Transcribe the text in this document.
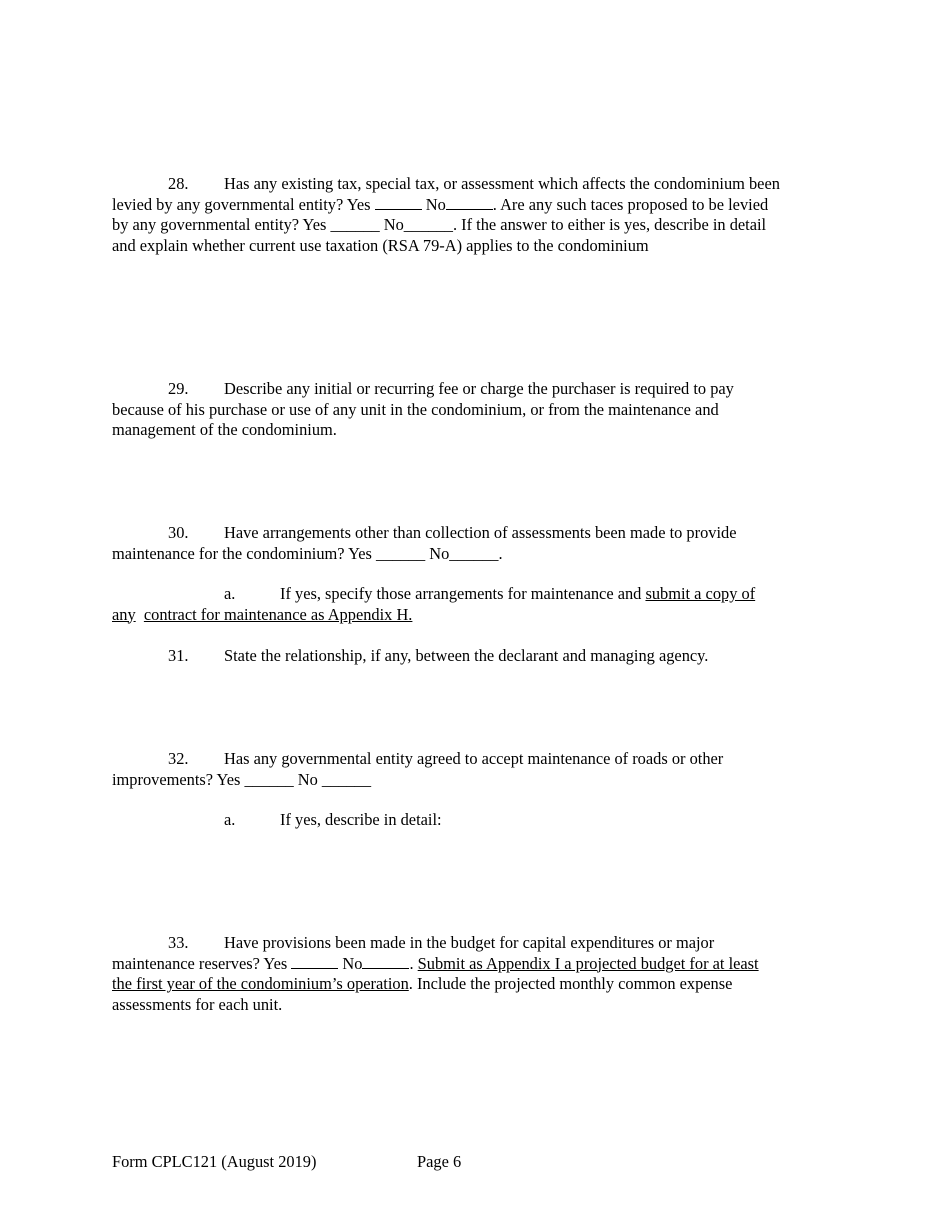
28. Has any existing tax, special tax, or assessment which affects the condominium been
levied by any governmental entity? Yes	No	. Are any such taces proposed to be levied
by any governmental entity? Yes ______ No______. If the answer to either is yes, describe in detail
and explain whether current use taxation (RSA 79-A) applies to the condominium
29. Describe any initial or recurring fee or charge the purchaser is required to pay
because of his purchase or use of any unit in the condominium, or from the maintenance and
management of the condominium.
30. Have arrangements other than collection of assessments been made to provide
maintenance for the condominium? Yes ______ No______.
a.	If yes, specify those arrangements for maintenance and submit a copy of
any contract for maintenance as Appendix H.
31. State the relationship, if any, between the declarant and managing agency.
32. Has any governmental entity agreed to accept maintenance of roads or other
improvements? Yes ______ No ______
a.	If yes, describe in detail:
33. Have provisions been made in the budget for capital expenditures or major
maintenance reserves? Yes	No	. Submit as Appendix I a projected budget for at least
the first year of the condominium’s operation. Include the projected monthly common expense
assessments for each unit.
Form CPLC121 (August 2019)	Page 6
